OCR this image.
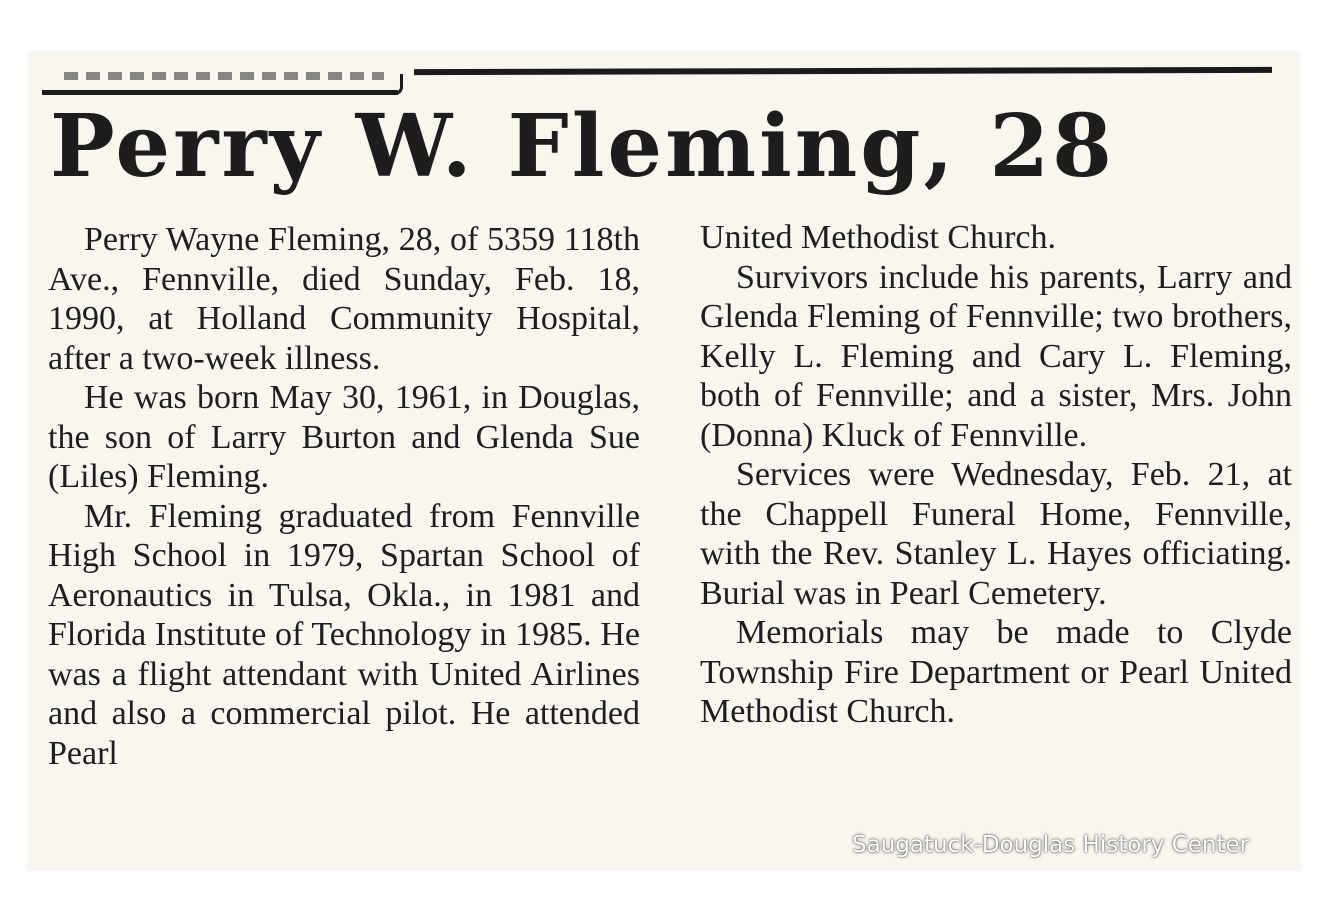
Perry W. Fleming, 28

Perry Wayne Fleming, 28, of 5359 118th Ave., Fennville, died Sunday, Feb. 18, 1990, at Holland Community Hospital, after a two-week illness.

He was born May 30, 1961, in Douglas, the son of Larry Burton and Glenda Sue (Liles) Fleming.

Mr. Fleming graduated from Fennville High School in 1979, Spartan School of Aeronautics in Tulsa, Okla., in 1981 and Florida Institute of Technology in 1985. He was a flight attendant with United Airlines and also a commercial pilot. He attended Pearl

United Methodist Church.

Survivors include his parents, Larry and Glenda Fleming of Fennville; two brothers, Kelly L. Fleming and Cary L. Fleming, both of Fennville; and a sister, Mrs. John (Donna) Kluck of Fennville.

Services were Wednesday, Feb. 21, at the Chappell Funeral Home, Fennville, with the Rev. Stanley L. Hayes officiating. Burial was in Pearl Cemetery.

Memorials may be made to Clyde Township Fire Department or Pearl United Methodist Church.

Saugatuck-Douglas History Center
